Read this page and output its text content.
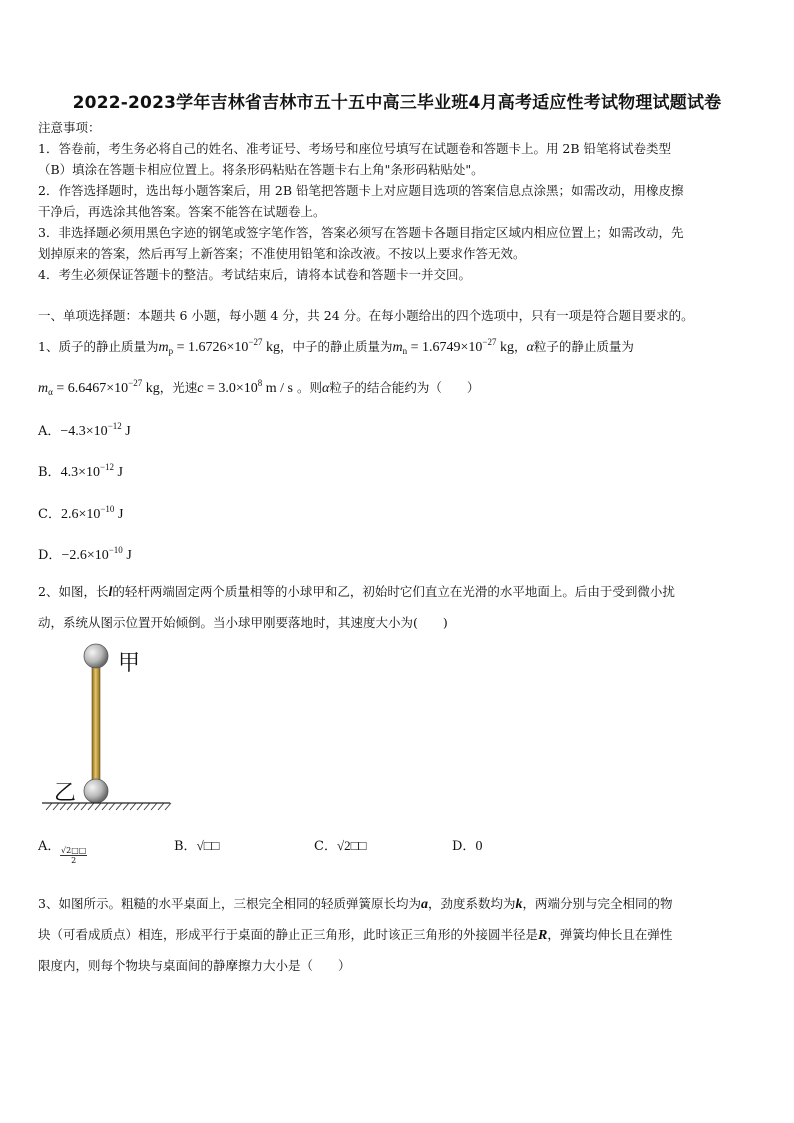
2022-2023学年吉林省吉林市五十五中高三毕业班4月高考适应性考试物理试题试卷
注意事项：
1．答卷前，考生务必将自己的姓名、准考证号、考场号和座位号填写在试题卷和答题卡上。用 2B 铅笔将试卷类型
（B）填涂在答题卡相应位置上。将条形码粘贴在答题卡右上角"条形码粘贴处"。
2．作答选择题时，选出每小题答案后，用 2B 铅笔把答题卡上对应题目选项的答案信息点涂黑；如需改动，用橡皮擦
干净后，再选涂其他答案。答案不能答在试题卷上。
3．非选择题必须用黑色字迹的钢笔或签字笔作答，答案必须写在答题卡各题目指定区域内相应位置上；如需改动，先
划掉原来的答案，然后再写上新答案；不准使用铅笔和涂改液。不按以上要求作答无效。
4．考生必须保证答题卡的整洁。考试结束后，请将本试卷和答题卡一并交回。
一、单项选择题：本题共 6 小题，每小题 4 分，共 24 分。在每小题给出的四个选项中，只有一项是符合题目要求的。
1、质子的静止质量为$m_p = 1.6726\times 10^{-27}$ kg，中子的静止质量为$m_n = 1.6749\times 10^{-27}$ kg，α粒子的静止质量为
$m_\alpha = 6.6467\times 10^{-27}$ kg，光速$c = 3.0\times 10^8$ m / s 。则α粒子的结合能约为（　　）
A．$-4.3\times 10^{-12}$ J
B．$4.3\times 10^{-12}$ J
C．$2.6\times 10^{-10}$ J
D．$-2.6\times 10^{-10}$ J
2、如图，长l的轻杆两端固定两个质量相等的小球甲和乙，初始时它们直立在光滑的水平地面上。后由于受到微小扰
动，系统从图示位置开始倾倒。当小球甲刚要落地时，其速度大小为(　　)
甲
乙
A． $\frac{√2□□}{2}$	B．√□□	C．√2□□	D．0
3、如图所示。粗糙的水平桌面上，三根完全相同的轻质弹簧原长均为a，劲度系数均为k，两端分别与完全相同的物
块（可看成质点）相连，形成平行于桌面的静止正三角形，此时该正三角形的外接圆半径是R，弹簧均伸长且在弹性
限度内，则每个物块与桌面间的静摩擦力大小是（　　）
